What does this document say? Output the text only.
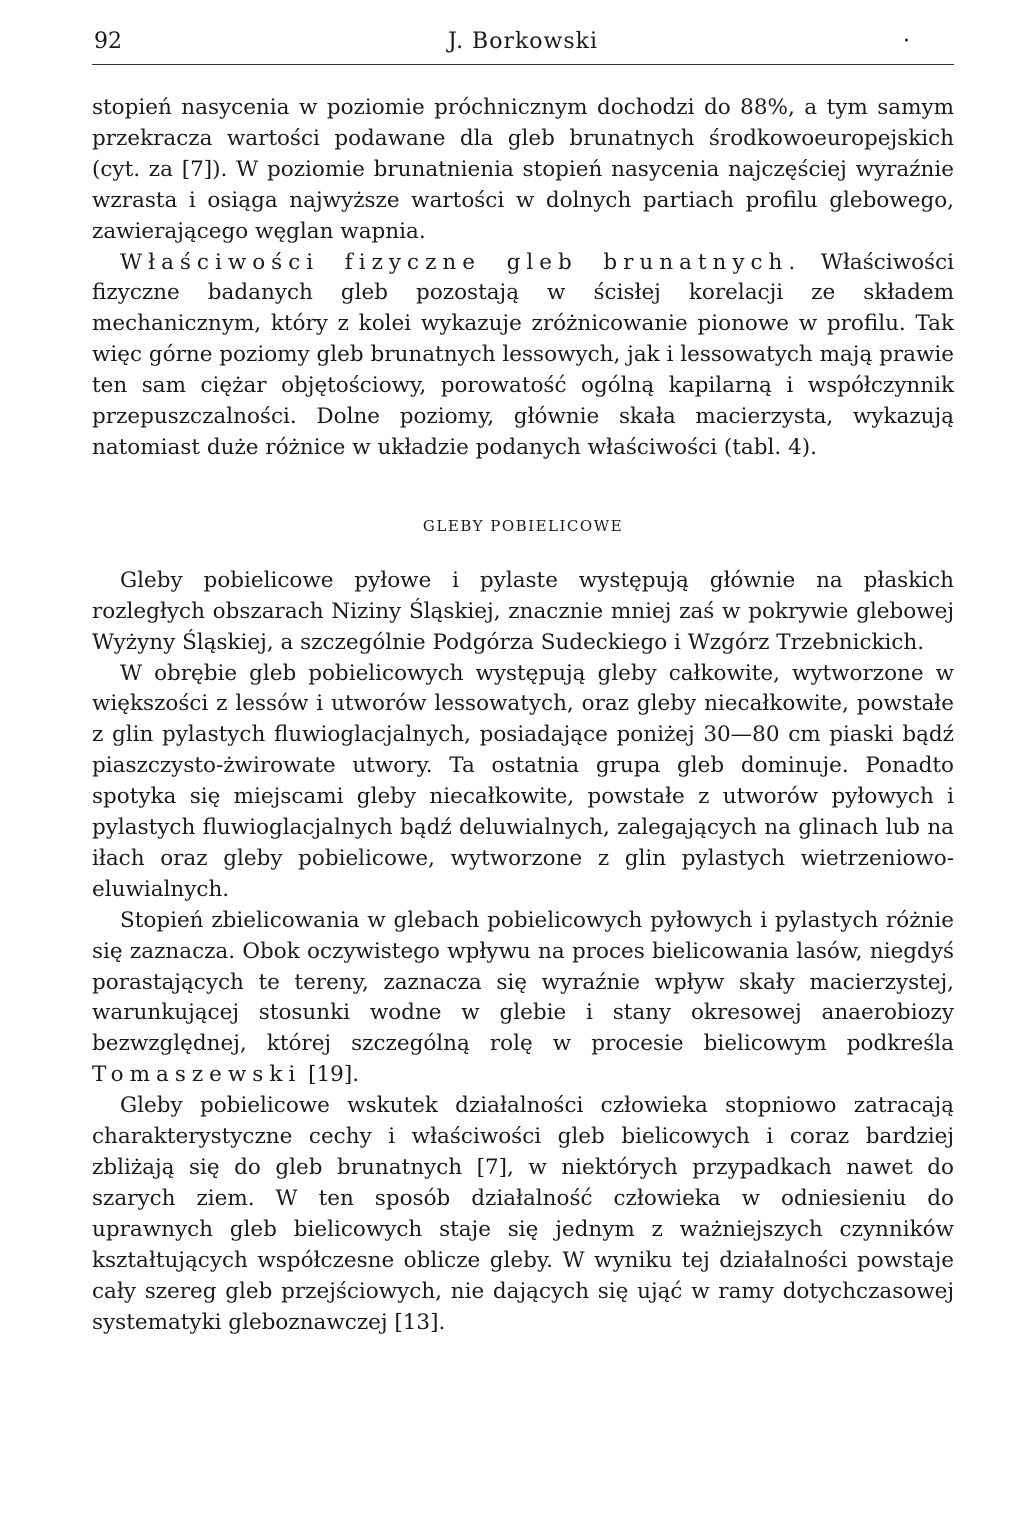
92	J. Borkowski	·

stopień nasycenia w poziomie próchnicznym dochodzi do 88%, a tym samym przekracza wartości podawane dla gleb brunatnych środkowoeuropejskich (cyt. za [7]). W poziomie brunatnienia stopień nasycenia najczęściej wyraźnie wzrasta i osiąga najwyższe wartości w dolnych partiach profilu glebowego, zawierającego węglan wapnia.

Właściwości fizyczne gleb brunatnych. Właściwości fizyczne badanych gleb pozostają w ścisłej korelacji ze składem mechanicznym, który z kolei wykazuje zróżnicowanie pionowe w profilu. Tak więc górne poziomy gleb brunatnych lessowych, jak i lessowatych mają prawie ten sam ciężar objętościowy, porowatość ogólną kapilarną i współczynnik przepuszczalności. Dolne poziomy, głównie skała macierzysta, wykazują natomiast duże różnice w układzie podanych właściwości (tabl. 4).

GLEBY POBIELICOWE

Gleby pobielicowe pyłowe i pylaste występują głównie na płaskich rozległych obszarach Niziny Śląskiej, znacznie mniej zaś w pokrywie glebowej Wyżyny Śląskiej, a szczególnie Podgórza Sudeckiego i Wzgórz Trzebnickich.

W obrębie gleb pobielicowych występują gleby całkowite, wytworzone w większości z lessów i utworów lessowatych, oraz gleby niecałkowite, powstałe z glin pylastych fluwioglacjalnych, posiadające poniżej 30—80 cm piaski bądź piaszczysto-żwirowate utwory. Ta ostatnia grupa gleb dominuje. Ponadto spotyka się miejscami gleby niecałkowite, powstałe z utworów pyłowych i pylastych fluwioglacjalnych bądź deluwialnych, zalegających na glinach lub na iłach oraz gleby pobielicowe, wytworzone z glin pylastych wietrzeniowo-eluwialnych.

Stopień zbielicowania w glebach pobielicowych pyłowych i pylastych różnie się zaznacza. Obok oczywistego wpływu na proces bielicowania lasów, niegdyś porastających te tereny, zaznacza się wyraźnie wpływ skały macierzystej, warunkującej stosunki wodne w glebie i stany okresowej anaerobiozy bezwzględnej, której szczególną rolę w procesie bielicowym podkreśla Tomaszewski [19].

Gleby pobielicowe wskutek działalności człowieka stopniowo zatracają charakterystyczne cechy i właściwości gleb bielicowych i coraz bardziej zbliżają się do gleb brunatnych [7], w niektórych przypadkach nawet do szarych ziem. W ten sposób działalność człowieka w odniesieniu do uprawnych gleb bielicowych staje się jednym z ważniejszych czynników kształtujących współczesne oblicze gleby. W wyniku tej działalności powstaje cały szereg gleb przejściowych, nie dających się ująć w ramy dotychczasowej systematyki gleboznawczej [13].
